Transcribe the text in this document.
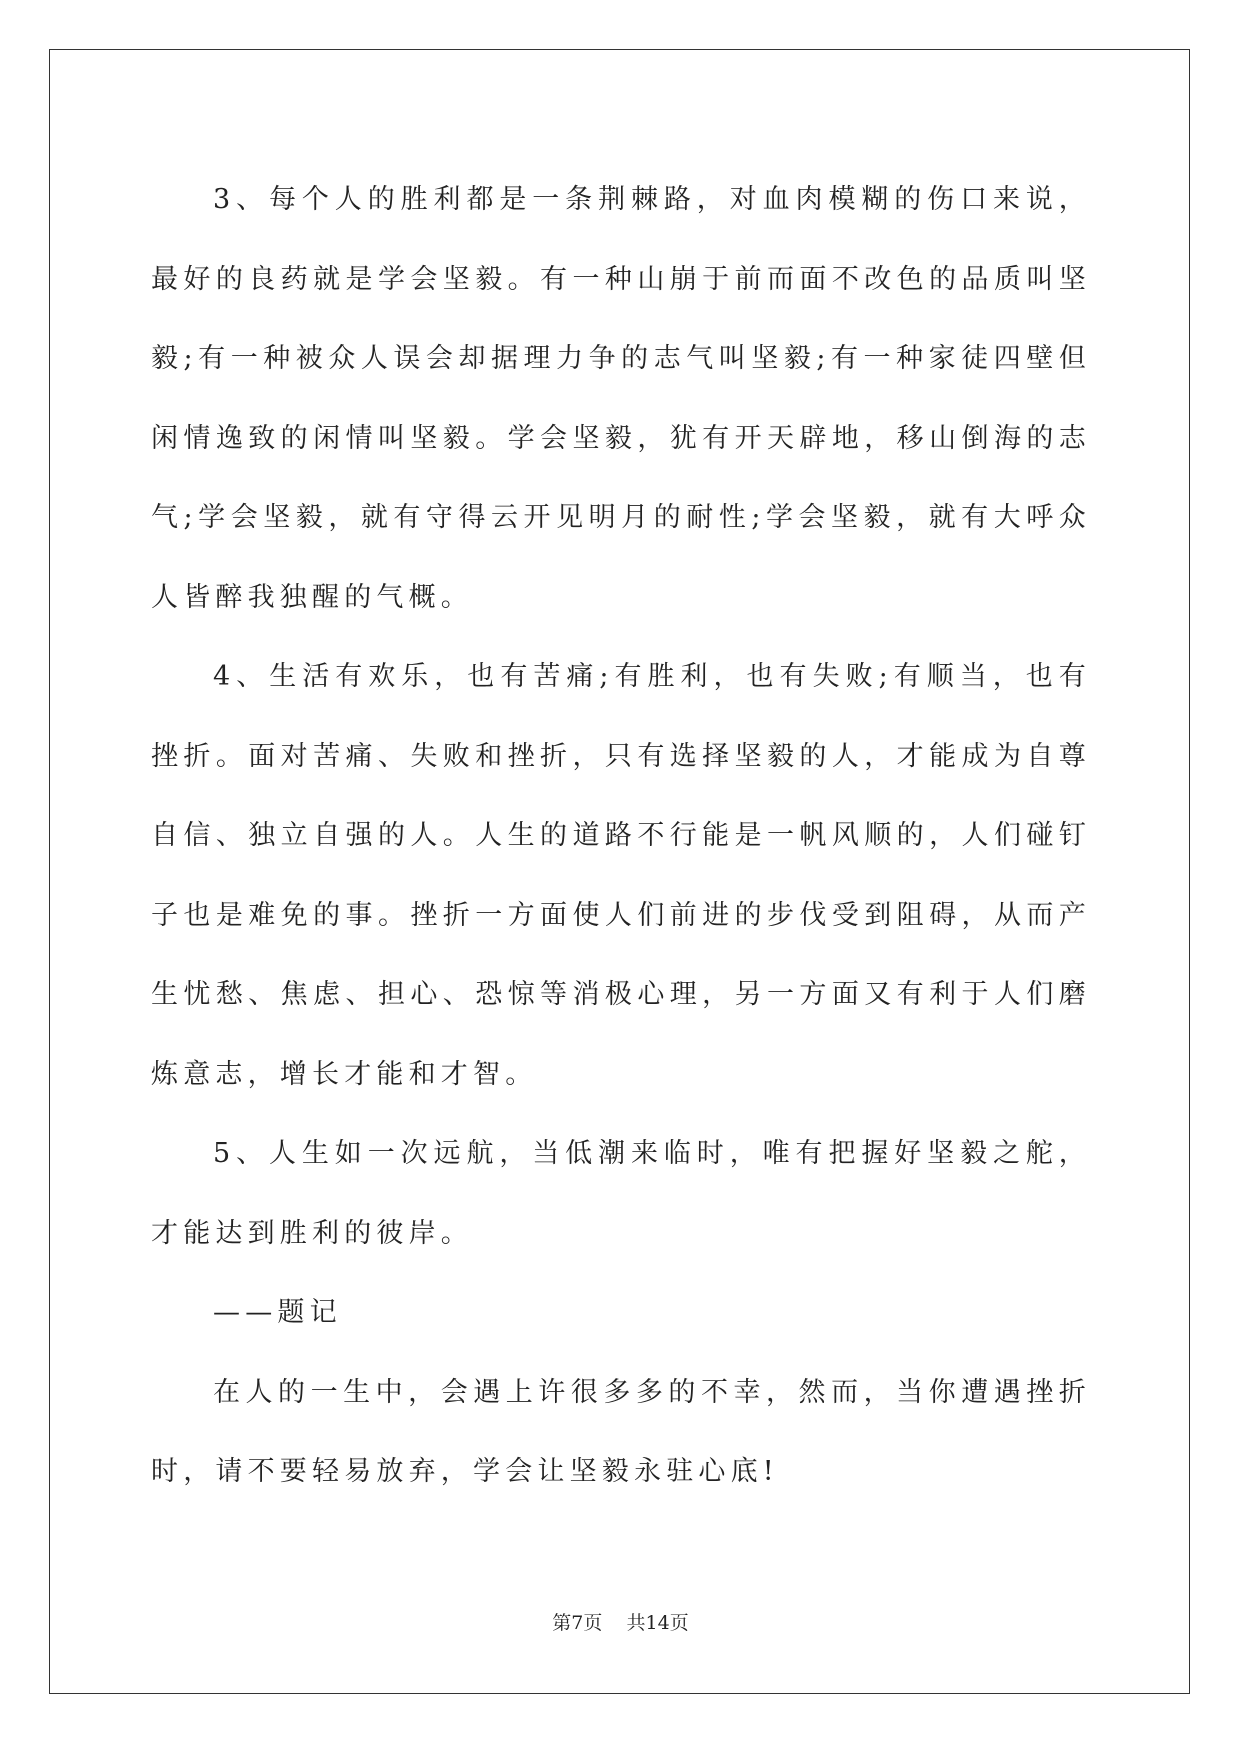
3、每个人的胜利都是一条荆棘路，对血肉模糊的伤口来说，最好的良药就是学会坚毅。有一种山崩于前而面不改色的品质叫坚毅;有一种被众人误会却据理力争的志气叫坚毅;有一种家徒四壁但闲情逸致的闲情叫坚毅。学会坚毅，犹有开天辟地，移山倒海的志气;学会坚毅，就有守得云开见明月的耐性;学会坚毅，就有大呼众人皆醉我独醒的气概。

4、生活有欢乐，也有苦痛;有胜利，也有失败;有顺当，也有挫折。面对苦痛、失败和挫折，只有选择坚毅的人，才能成为自尊自信、独立自强的人。人生的道路不行能是一帆风顺的，人们碰钉子也是难免的事。挫折一方面使人们前进的步伐受到阻碍，从而产生忧愁、焦虑、担心、恐惊等消极心理，另一方面又有利于人们磨炼意志，增长才能和才智。

5、人生如一次远航，当低潮来临时，唯有把握好坚毅之舵，才能达到胜利的彼岸。

——题记

在人的一生中，会遇上许很多多的不幸，然而，当你遭遇挫折时，请不要轻易放弃，学会让坚毅永驻心底!

第7页 共14页
